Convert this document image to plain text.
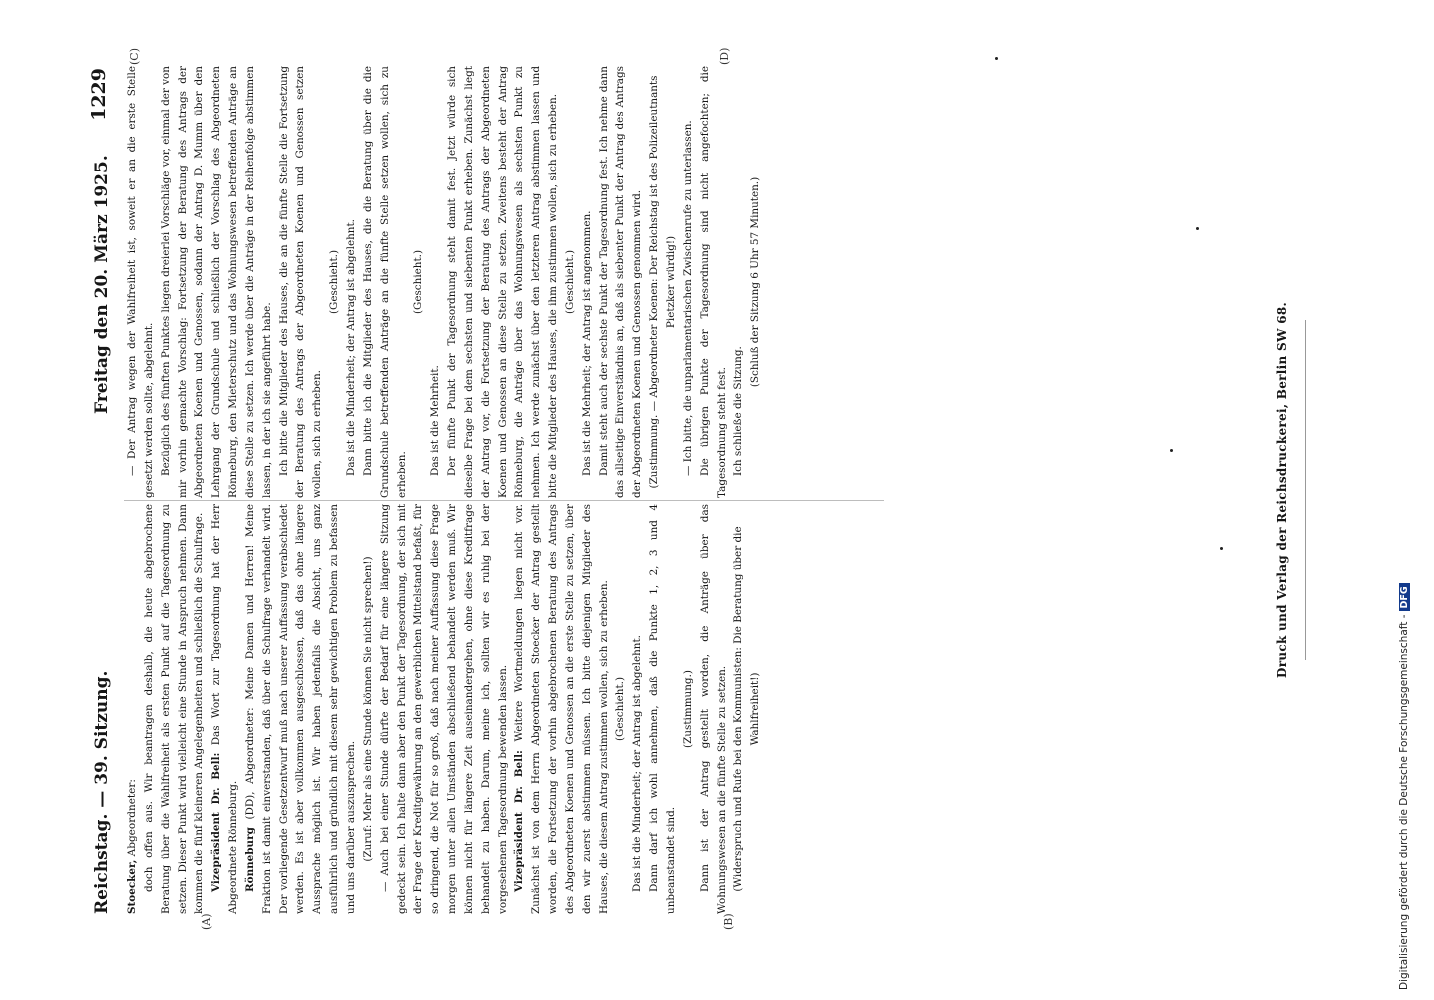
Reichstag. — 39. Sitzung.
Freitag den 20. März 1925.
1229
(A)	(B)
(C)	(D)

Stoecker, Abgeordneter: doch offen aus. Wir beantragen deshalb, die heute abgebrochene Beratung über die Wahlfreiheit als ersten Punkt auf die Tagesordnung zu setzen. Dieser Punkt wird vielleicht eine Stunde in Anspruch nehmen. Dann kommen die fünf kleineren Angelegenheiten und schließlich die Schulfrage. Vizepräsident Dr. Bell: Das Wort zur Tagesordnung hat der Herr Abgeordnete Rönneburg. Rönneburg (DD), Abgeordneter: Meine Damen und Herren! Meine Fraktion ist damit einverstanden, daß über die Schulfrage verhandelt wird. Der vorliegende Gesetzentwurf muß nach unserer Auffassung verabschiedet werden. Es ist aber vollkommen ausgeschlossen, daß das ohne längere Aussprache möglich ist. Wir haben jedenfalls die Absicht, uns ganz ausführlich und gründlich mit diesem sehr gewichtigen Problem zu befassen und uns darüber auszusprechen. (Zuruf: Mehr als eine Stunde können Sie nicht sprechen!) — Auch bei einer Stunde dürfte der Bedarf für eine längere Sitzung gedeckt sein. Ich halte dann aber den Punkt der Tagesordnung, der sich mit der Frage der Kreditgewährung an den gewerblichen Mittelstand befaßt, für so dringend, die Not für so groß, daß nach meiner Auffassung diese Frage morgen unter allen Umständen abschließend behandelt werden muß. Wir können nicht für längere Zeit auseinandergehen, ohne diese Kreditfrage behandelt zu haben. Darum, meine ich, sollten wir es ruhig bei der vorgesehenen Tagesordnung bewenden lassen. Vizepräsident Dr. Bell: Weitere Wortmeldungen liegen nicht vor. Zunächst ist von dem Herrn Abgeordneten Stoecker der Antrag gestellt worden, die Fortsetzung der vorhin abgebrochenen Beratung des Antrags des Abgeordneten Koenen und Genossen an die erste Stelle zu setzen, über den wir zuerst abstimmen müssen. Ich bitte diejenigen Mitglieder des Hauses, die diesem Antrag zustimmen wollen, sich zu erheben. (Geschieht.) Das ist die Minderheit; der Antrag ist abgelehnt. Dann darf ich wohl annehmen, daß die Punkte 1, 2, 3 und 4 unbeanstandet sind.

(Zustimmung.) Dann ist der Antrag gestellt worden, die Anträge über das Wohnungswesen an die fünfte Stelle zu setzen. (Widerspruch und Rufe bei den Kommunisten: Die Beratung über die Wahlfreiheit!)

— Der Antrag wegen der Wahlfreiheit ist, soweit er an die erste Stelle gesetzt werden sollte, abgelehnt. Bezüglich des fünften Punktes liegen dreierlei Vorschläge vor, einmal der von mir vorhin gemachte Vorschlag: Fortsetzung der Beratung des Antrags der Abgeordneten Koenen und Genossen, sodann der Antrag D. Mumm über den Lehrgang der Grundschule und schließlich der Vorschlag des Abgeordneten Rönneburg, den Mieterschutz und das Wohnungswesen betreffenden Anträge an diese Stelle zu setzen. Ich werde über die Anträge in der Reihenfolge abstimmen lassen, in der ich sie angeführt habe. Ich bitte die Mitglieder des Hauses, die an die fünfte Stelle die Fortsetzung der Beratung des Antrags der Abgeordneten Koenen und Genossen setzen wollen, sich zu erheben.

(Geschieht.) Das ist die Minderheit; der Antrag ist abgelehnt. Dann bitte ich die Mitglieder des Hauses, die die Beratung über die die Grundschule betreffenden Anträge an die fünfte Stelle setzen wollen, sich zu erheben.

(Geschieht.)

Das ist die Mehrheit. Der fünfte Punkt der Tagesordnung steht damit fest. Jetzt würde sich dieselbe Frage bei dem sechsten und siebenten Punkt erheben. Zunächst liegt der Antrag vor, die Fortsetzung der Beratung des Antrags der Abgeordneten Koenen und Genossen an diese Stelle zu setzen. Zweitens besteht der Antrag Rönneburg, die Anträge über das Wohnungswesen als sechsten Punkt zu nehmen. Ich werde zunächst über den letzteren Antrag abstimmen lassen und bitte die Mitglieder des Hauses, die ihm zustimmen wollen, sich zu erheben. (Geschieht.) Das ist die Mehrheit; der Antrag ist angenommen. Damit steht auch der sechste Punkt der Tagesordnung fest. Ich nehme dann das allseitige Einverständnis an, daß als siebenter Punkt der Antrag des Antrags der Abgeordneten Koenen und Genossen genommen wird. (Zustimmung. — Abgeordneter Koenen: Der Reichstag ist des Polizeileutnants Pietzker würdig!) — Ich bitte, die unparlamentarischen Zwischenrufe zu unterlassen. Die übrigen Punkte der Tagesordnung sind nicht angefochten; die Tagesordnung steht fest. Ich schließe die Sitzung.

(Schluß der Sitzung 6 Uhr 57 Minuten.)

Druck und Verlag der Reichsdruckerei, Berlin SW 68.
Digitalisierung gefördert durch die Deutsche Forschungsgemeinschaft -DFG
